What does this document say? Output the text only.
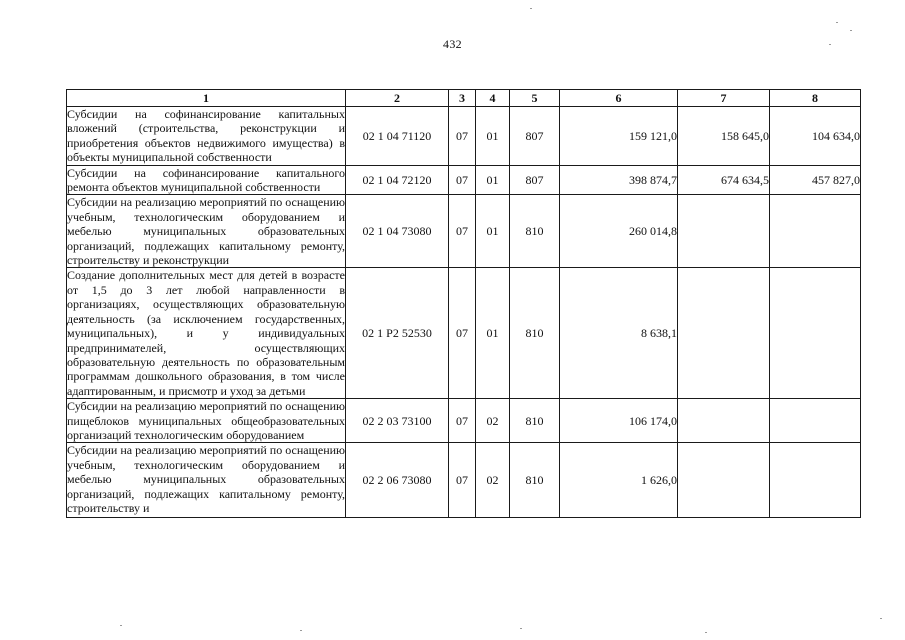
432
1	2	3	4	5	6	7	8
Субсидии на софинансирование капитальных вложений (строительства, реконструкции и приобретения объектов недвижимого имущества) в объекты муниципальной собственности	02 1 04 71120	07	01	807	159 121,0	158 645,0	104 634,0
Субсидии на софинансирование капитального ремонта объектов муниципальной собственности	02 1 04 72120	07	01	807	398 874,7	674 634,5	457 827,0
Субсидии на реализацию мероприятий по оснащению учебным, технологическим оборудованием и мебелью муниципальных образовательных организаций, подлежащих капитальному ремонту, строительству и реконструкции	02 1 04 73080	07	01	810	260 014,8		
Создание дополнительных мест для детей в возрасте от 1,5 до 3 лет любой направленности в организациях, осуществляющих образовательную деятельность (за исключением государственных, муниципальных), и у индивидуальных предпринимателей, осуществляющих образовательную деятельность по образовательным программам дошкольного образования, в том числе адаптированным, и присмотр и уход за детьми	02 1 P2 52530	07	01	810	8 638,1		
Субсидии на реализацию мероприятий по оснащению пищеблоков муниципальных общеобразовательных организаций технологическим оборудованием	02 2 03 73100	07	02	810	106 174,0		

Субсидии на реализацию мероприятий по оснащению учебным, технологическим оборудованием и мебелью муниципальных образовательных организаций, подлежащих капитальному ремонту, строительству и	02 2 06 73080	07	02	810	1 626,0		
